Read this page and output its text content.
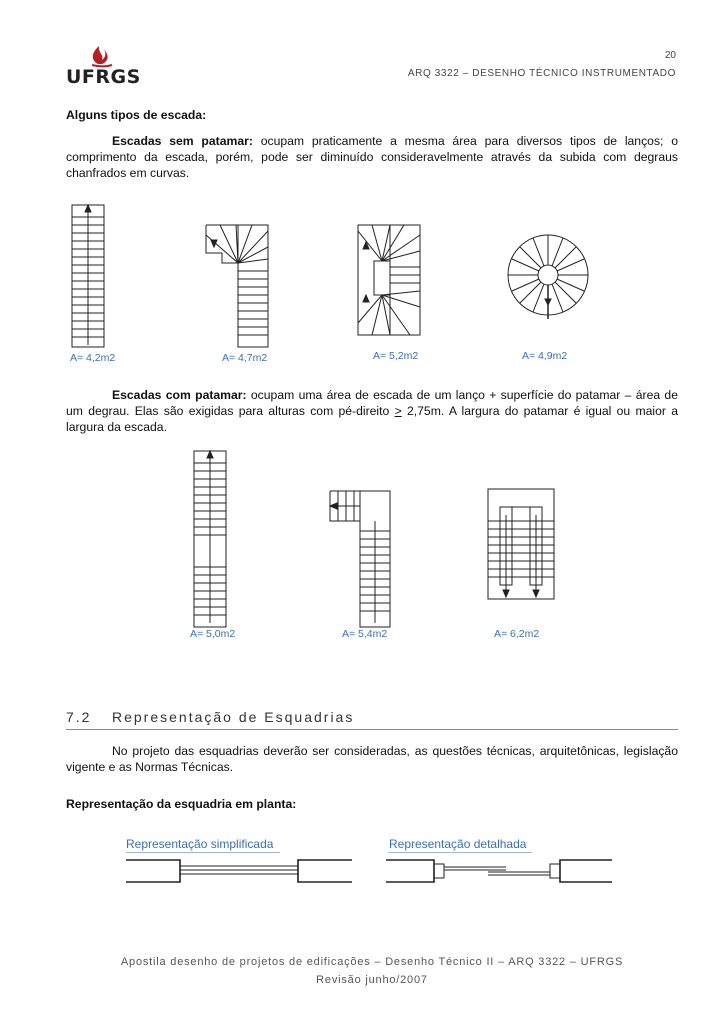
UFRGS
20
ARQ 3322 – DESENHO TÉCNICO INSTRUMENTADO
Alguns tipos de escada:
Escadas sem patamar: ocupam praticamente a mesma área para diversos tipos de lanços; o comprimento da escada, porém, pode ser diminuído consideravelmente através da subida com degraus chanfrados em curvas.
A= 4,2m2	A= 4,7m2	A= 5,2m2	A= 4,9m2
Escadas com patamar: ocupam uma área de escada de um lanço + superfície do patamar – área de um degrau. Elas são exigidas para alturas com pé-direito ≥ 2,75m. A largura do patamar é igual ou maior a largura da escada.
A= 5,0m2	A= 5,4m2	A= 6,2m2
7.2 Representação de Esquadrias
No projeto das esquadrias deverão ser consideradas, as questões técnicas, arquitetônicas, legislação vigente e as Normas Técnicas.
Representação da esquadria em planta:
Representação simplificada	Representação detalhada
Apostila desenho de projetos de edificações – Desenho Técnico II – ARQ 3322 – UFRGS
Revisão junho/2007
